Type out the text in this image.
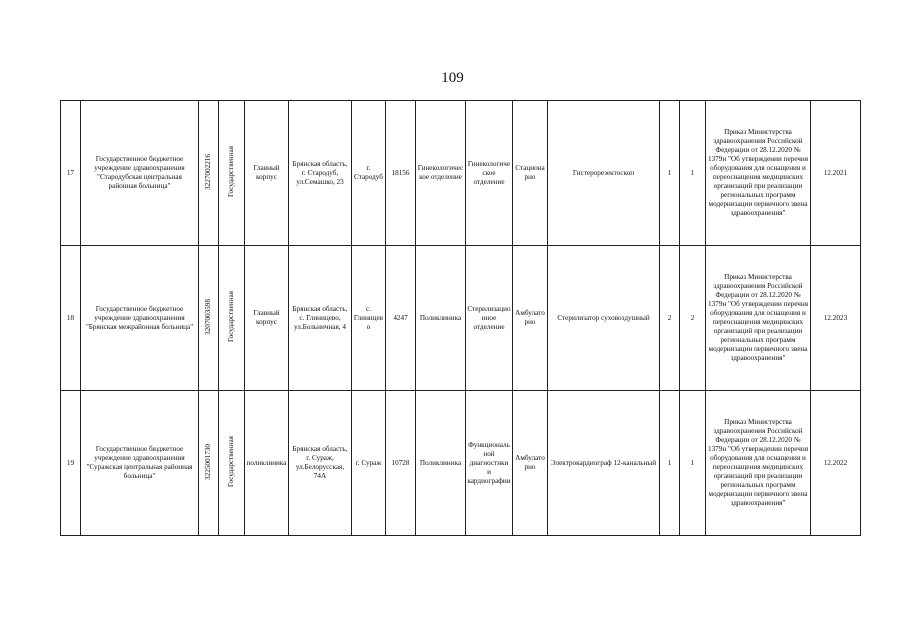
109
17	Государственное бюджетное учреждение здравоохранения "Стародубская центральная районная больница"	3227002216	Государственная	Главный корпус	Брянская область, г. Стародуб, ул.Семашко, 23	г. Стародуб	18156	Гинекологическое отделение	Гинекологическое отделение	Стационарно	Гистерорезектоскоп	1	1	Приказ Министерства здравоохранения Российской Федерации от 28.12.2020 № 1379н "Об утверждении перечня оборудования для оснащения и переоснащения медицинских организаций при реализации региональных программ модернизации первичного звена здравоохранения"	12.2021
18	Государственное бюджетное учреждение здравоохранения "Брянская межрайонная больница"	3207003598	Государственная	Главный корпус	Брянская область, с. Глиницево, ул.Больничная, 4	с. Глиницево	4247	Поликлиника	Стерилизационное отделение	Амбулаторно	Стерилизатор суховоздушный	2	2	Приказ Министерства здравоохранения Российской Федерации от 28.12.2020 № 1379н "Об утверждении перечня оборудования для оснащения и переоснащения медицинских организаций при реализации региональных программ модернизации первичного звена здравоохранения"	12.2023
19	Государственное бюджетное учреждение здравоохранения "Суражская центральная районная больница"	3225001730	Государственная	поликлиника	Брянская область, г. Сураж, ул.Белорусская, 74А	г. Сураж	10728	Поликлиника	Функциональной диагностики и кардиографии	Амбулаторно	Электрокардиограф 12-канальный	1	1	Приказ Министерства здравоохранения Российской Федерации от 28.12.2020 № 1379н "Об утверждении перечня оборудования для оснащения и переоснащения медицинских организаций при реализации региональных программ модернизации первичного звена здравоохранения"	12.2022
